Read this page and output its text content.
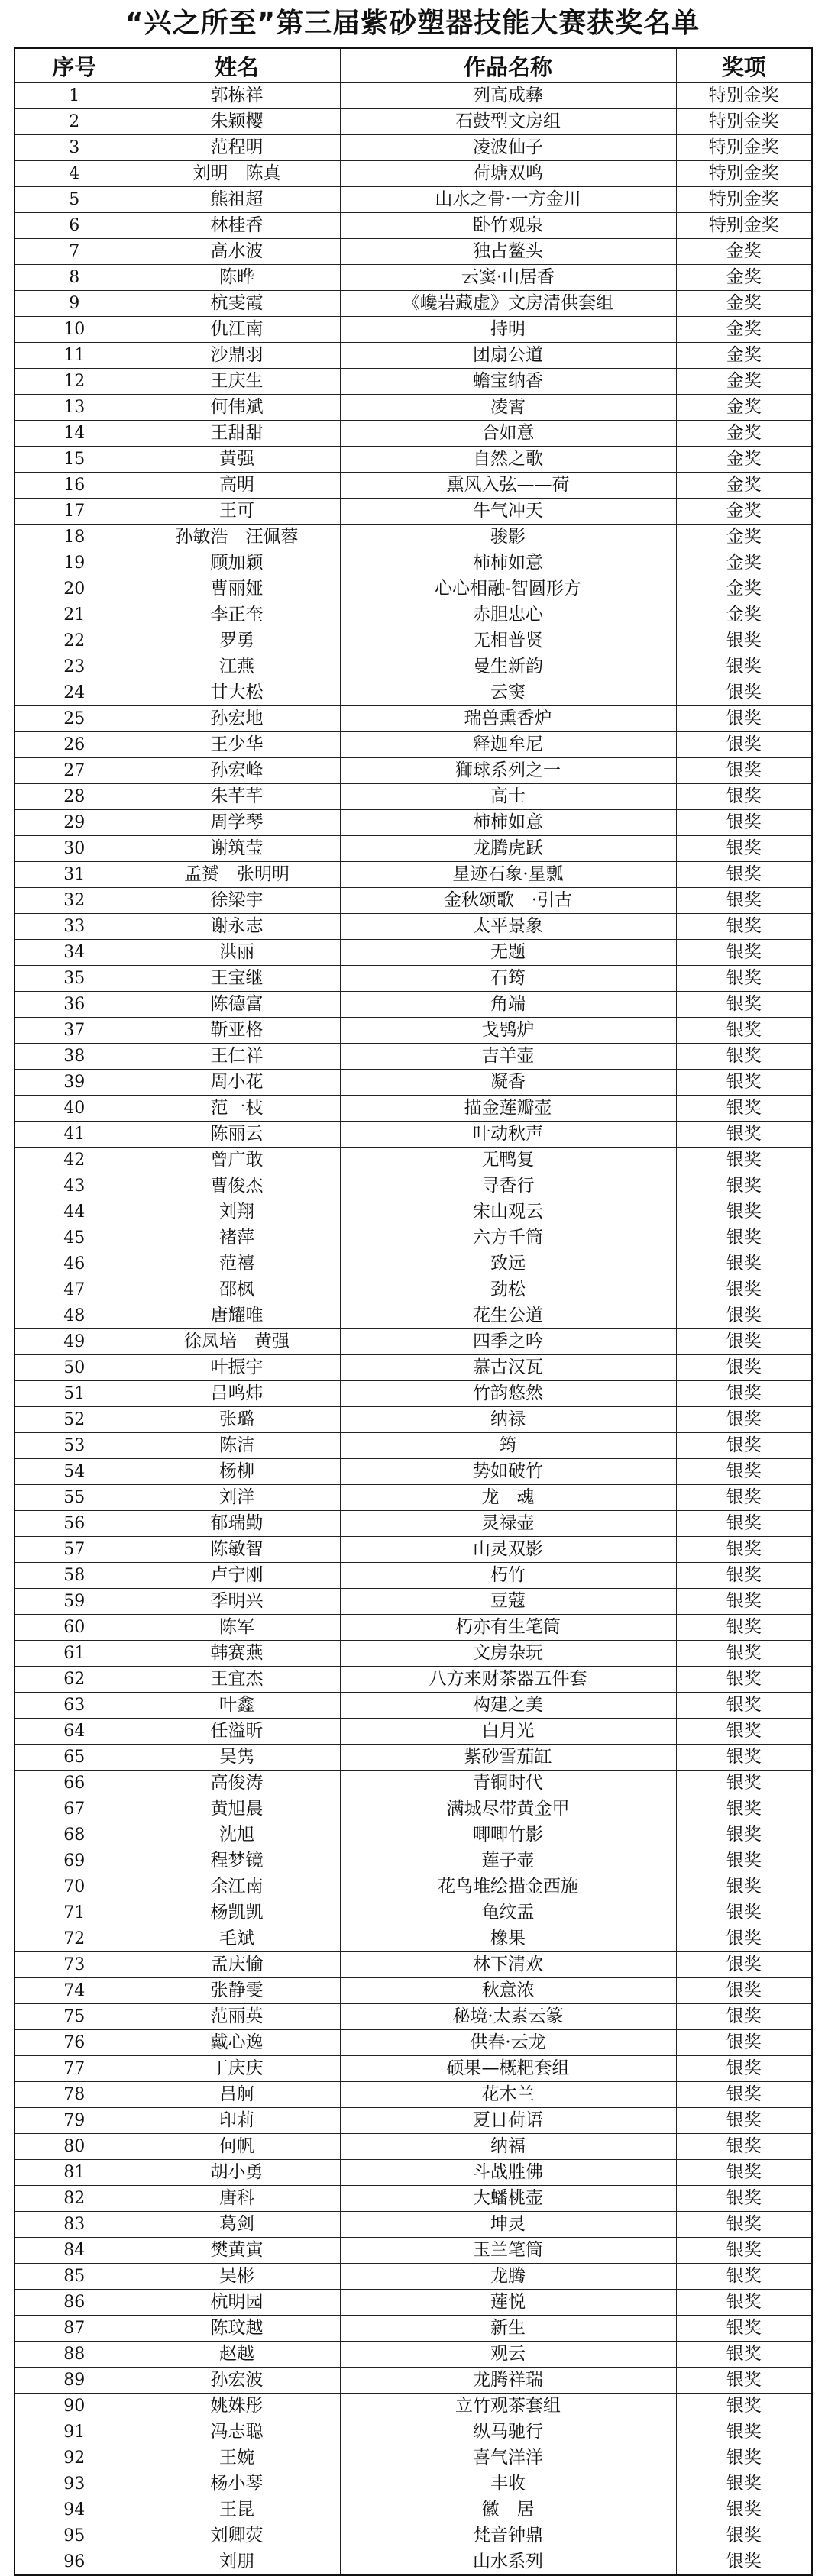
“兴之所至”第三届紫砂塑器技能大赛获奖名单
序号	姓名	作品名称	奖项
1	郭栋祥	列高成彝	特别金奖
2	朱颖樱	石鼓型文房组	特别金奖
3	范程明	凌波仙子	特别金奖
4	刘明　陈真	荷塘双鸣	特别金奖
5	熊祖超	山水之骨·一方金川	特别金奖
6	林桂香	卧竹观泉	特别金奖
7	高水波	独占鳌头	金奖
8	陈晔	云窦·山居香	金奖
9	杭雯霞	《巉岩藏虚》文房清供套组	金奖
10	仇江南	持明	金奖
11	沙鼎羽	团扇公道	金奖
12	王庆生	蟾宝纳香	金奖
13	何伟斌	凌霄	金奖
14	王甜甜	合如意	金奖
15	黄强	自然之歌	金奖
16	高明	熏风入弦——荷	金奖
17	王可	牛气冲天	金奖
18	孙敏浩　汪佩蓉	骏影	金奖
19	顾加颖	柿柿如意	金奖
20	曹丽娅	心心相融-智圆形方	金奖
21	李正奎	赤胆忠心	金奖
22	罗勇	无相普贤	银奖
23	江燕	曼生新韵	银奖
24	甘大松	云窦	银奖
25	孙宏地	瑞兽熏香炉	银奖
26	王少华	释迦牟尼	银奖
27	孙宏峰	獅球系列之一	银奖
28	朱芊芊	高士	银奖
29	周学琴	柿柿如意	银奖
30	谢筑莹	龙腾虎跃	银奖
31	孟赟　张明明	星迹石象·星瓢	银奖
32	徐梁宇	金秋颂歌　·引古	银奖
33	谢永志	太平景象	银奖
34	洪丽	无题	银奖
35	王宝继	石筠	银奖
36	陈德富	角端	银奖
37	靳亚格	戈鸮炉	银奖
38	王仁祥	吉羊壶	银奖
39	周小花	凝香	银奖
40	范一枝	描金莲瓣壶	银奖
41	陈丽云	叶动秋声	银奖
42	曾广敢	无鸭复	银奖
43	曹俊杰	寻香行	银奖
44	刘翔	宋山观云	银奖
45	褚萍	六方千筒	银奖
46	范禧	致远	银奖
47	邵枫	劲松	银奖
48	唐耀唯	花生公道	银奖
49	徐凤培　黄强	四季之吟	银奖
50	叶振宇	慕古汉瓦	银奖
51	吕鸣炜	竹韵悠然	银奖
52	张璐	纳禄	银奖
53	陈洁	筠	银奖
54	杨柳	势如破竹	银奖
55	刘洋	龙　魂	银奖
56	郁瑞勤	灵禄壶	银奖
57	陈敏智	山灵双影	银奖
58	卢宁刚	朽竹	银奖
59	季明兴	豆蔻	银奖
60	陈军	朽亦有生笔筒	银奖
61	韩赛燕	文房杂玩	银奖
62	王宜杰	八方来财茶器五件套	银奖
63	叶鑫	构建之美	银奖
64	任溢昕	白月光	银奖
65	吴隽	紫砂雪茄缸	银奖
66	高俊涛	青铜时代	银奖
67	黄旭晨	满城尽带黄金甲	银奖
68	沈旭	唧唧竹影	银奖
69	程梦镜	莲子壶	银奖
70	余江南	花鸟堆绘描金西施	银奖
71	杨凯凯	龟纹盂	银奖
72	毛斌	橡果	银奖
73	孟庆愉	林下清欢	银奖
74	张静雯	秋意浓	银奖
75	范丽英	秘境·太素云篆	银奖
76	戴心逸	供春·云龙	银奖
77	丁庆庆	硕果—概粑套组	银奖
78	吕舸	花木兰	银奖
79	印莉	夏日荷语	银奖
80	何帆	纳福	银奖
81	胡小勇	斗战胜佛	银奖
82	唐科	大蟠桃壶	银奖
83	葛剑	坤灵	银奖
84	樊黄寅	玉兰笔筒	银奖
85	吴彬	龙腾	银奖
86	杭明园	莲悦	银奖
87	陈玟越	新生	银奖
88	赵越	观云	银奖
89	孙宏波	龙腾祥瑞	银奖
90	姚姝彤	立竹观茶套组	银奖
91	冯志聪	纵马驰行	银奖
92	王婉	喜气洋洋	银奖
93	杨小琴	丰收	银奖
94	王昆	徽　居	银奖
95	刘卿荧	梵音钟鼎	银奖
96	刘朋	山水系列	银奖
